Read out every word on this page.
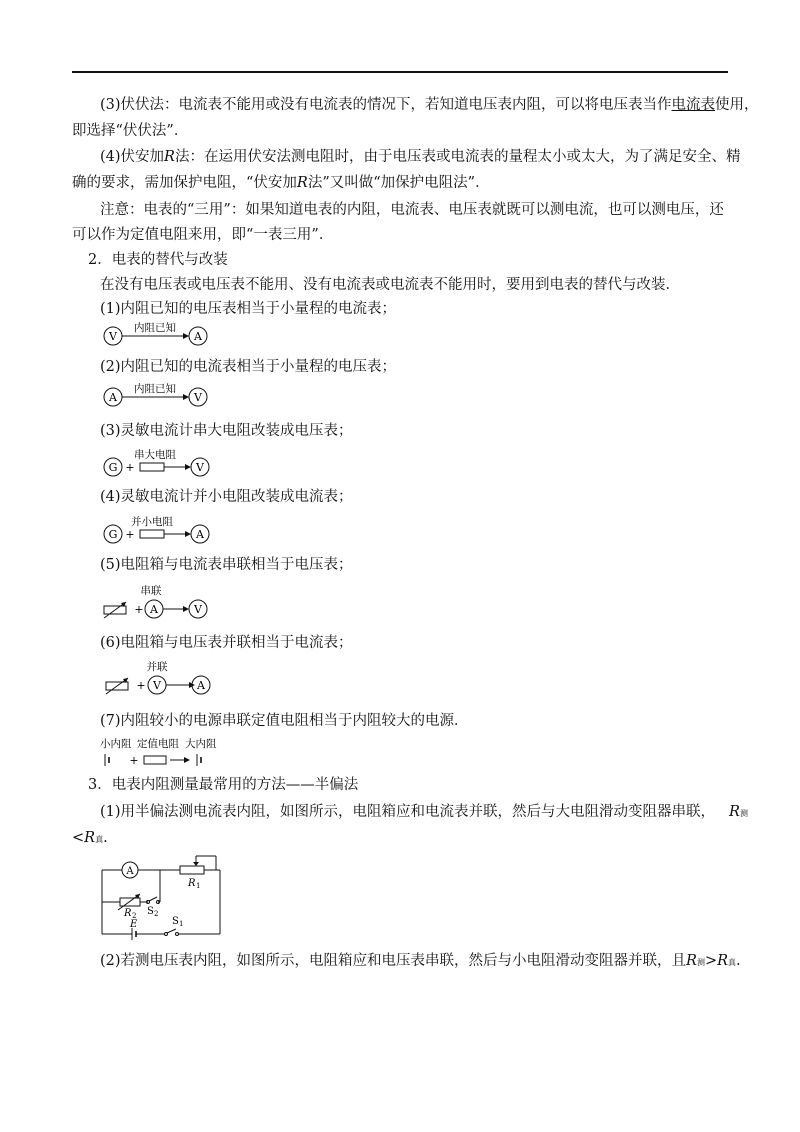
(3)伏伏法：电流表不能用或没有电流表的情况下，若知道电压表内阻，可以将电压表当作电流表使用，
即选择“伏伏法”．
(4)伏安加R法：在运用伏安法测电阻时，由于电压表或电流表的量程太小或太大，为了满足安全、精
确的要求，需加保护电阻，“伏安加R法”又叫做“加保护电阻法”．
注意：电表的“三用”：如果知道电表的内阻，电流表、电压表就既可以测电流，也可以测电压，还
可以作为定值电阻来用，即“一表三用”．
2．电表的替代与改装
在没有电压表或电压表不能用、没有电流表或电流表不能用时，要用到电表的替代与改装．
(1)内阻已知的电压表相当于小量程的电流表；
V
内阻已知
A
(2)内阻已知的电流表相当于小量程的电压表；
A
内阻已知
V
(3)灵敏电流计串大电阻改装成电压表；
G +
串大电阻
V
(4)灵敏电流计并小电阻改装成电流表；
G +
并小电阻
A
(5)电阻箱与电流表串联相当于电压表；
+ A
串联
V
(6)电阻箱与电压表并联相当于电流表；
+ V
并联
A
(7)内阻较小的电源串联定值电阻相当于内阻较大的电源．
小内阻 定值电阻 大内阻
+
3．电表内阻测量最常用的方法——半偏法
(1)用半偏法测电流表内阻，如图所示，电阻箱应和电流表并联，然后与大电阻滑动变阻器串联， R测
<R真.
A
R 1
R 2 S 2
E	S 1
(2)若测电压表内阻，如图所示，电阻箱应和电压表串联，然后与小电阻滑动变阻器并联，且R测>R真.
